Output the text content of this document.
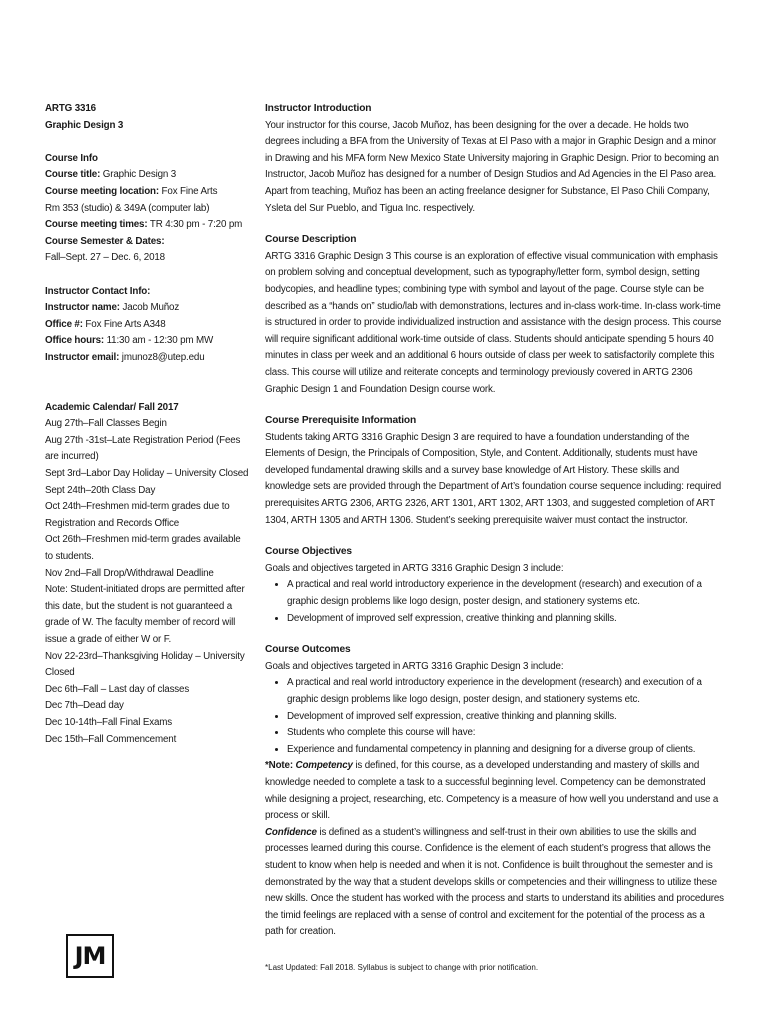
ARTG 3316

Graphic Design 3

Course Info

Course title: Graphic Design 3

Course meeting location: Fox Fine Arts

Rm 353 (studio) & 349A (computer lab)

Course meeting times: TR 4:30 pm - 7:20 pm

Course Semester & Dates:

Fall–Sept. 27 – Dec. 6, 2018

Instructor Contact Info:

Instructor name: Jacob Muñoz

Office #: Fox Fine Arts A348

Office hours: 11:30 am - 12:30 pm MW

Instructor email: jmunoz8@utep.edu

Academic Calendar/ Fall 2017

Aug 27th–Fall Classes Begin

Aug 27th -31st–Late Registration Period (Fees are incurred)

Sept 3rd–Labor Day Holiday – University Closed

Sept 24th–20th Class Day

Oct 24th–Freshmen mid-term grades due to Registration and Records Office

Oct 26th–Freshmen mid-term grades available to students.

Nov 2nd–Fall Drop/Withdrawal Deadline

Note: Student-initiated drops are permitted after this date, but the student is not guaranteed a grade of W. The faculty member of record will issue a grade of either W or F.

Nov 22-23rd–Thanksgiving Holiday – University Closed

Dec 6th–Fall – Last day of classes

Dec 7th–Dead day

Dec 10-14th–Fall Final Exams

Dec 15th–Fall Commencement

Instructor Introduction

Your instructor for this course, Jacob Muñoz, has been designing for the over a decade. He holds two degrees including a BFA from the University of Texas at El Paso with a major in Graphic Design and a minor in Drawing and his MFA form New Mexico State University majoring in Graphic Design. Prior to becoming an Instructor, Jacob Muñoz has designed for a number of Design Studios and Ad Agencies in the El Paso area. Apart from teaching, Muñoz has been an acting freelance designer for Substance, El Paso Chili Company, Ysleta del Sur Pueblo, and Tigua Inc. respectively.

Course Description

ARTG 3316 Graphic Design 3 This course is an exploration of effective visual communication with emphasis on problem solving and conceptual development, such as typography/letter form, symbol design, setting bodycopies, and headline types; combining type with symbol and layout of the page. Course style can be described as a “hands on” studio/lab with demonstrations, lectures and in-class work-time. In-class work-time is structured in order to provide individualized instruction and assistance with the design process. This course will require significant additional work-time outside of class. Students should anticipate spending 5 hours 40 minutes in class per week and an additional 6 hours outside of class per week to satisfactorily complete this class. This course will utilize and reiterate concepts and terminology previously covered in ARTG 2306 Graphic Design 1 and Foundation Design course work.

Course Prerequisite Information

Students taking ARTG 3316 Graphic Design 3 are required to have a foundation understanding of the Elements of Design, the Principals of Composition, Style, and Content. Additionally, students must have developed fundamental drawing skills and a survey base knowledge of Art History. These skills and knowledge sets are provided through the Department of Art’s foundation course sequence including: required prerequisites ARTG 2306, ARTG 2326, ART 1301, ART 1302, ART 1303, and suggested completion of ART 1304, ARTH 1305 and ARTH 1306. Student’s seeking prerequisite waiver must contact the instructor.

Course Objectives

Goals and objectives targeted in ARTG 3316 Graphic Design 3 include:

• A practical and real world introductory experience in the development (research) and execution of a graphic design problems like logo design, poster design, and stationery systems etc.
• Development of improved self expression, creative thinking and planning skills.

Course Outcomes

Goals and objectives targeted in ARTG 3316 Graphic Design 3 include:

• A practical and real world introductory experience in the development (research) and execution of a graphic design problems like logo design, poster design, and stationery systems etc.
• Development of improved self expression, creative thinking and planning skills.
• Students who complete this course will have:
• Experience and fundamental competency in planning and designing for a diverse group of clients.

*Note: Competency is defined, for this course, as a developed understanding and mastery of skills and knowledge needed to complete a task to a successful beginning level. Competency can be demonstrated while designing a project, researching, etc. Competency is a measure of how well you understand and use a process or skill.

Confidence is defined as a student’s willingness and self-trust in their own abilities to use the skills and processes learned during this course. Confidence is the element of each student’s progress that allows the student to know when help is needed and when it is not. Confidence is built throughout the semester and is demonstrated by the way that a student develops skills or competencies and their willingness to utilize these new skills. Once the student has worked with the process and starts to understand its abilities and procedures the timid feelings are replaced with a sense of control and excitement for the potential of the process as a path for creation.

JM	*Last Updated: Fall 2018. Syllabus is subject to change with prior notification.
